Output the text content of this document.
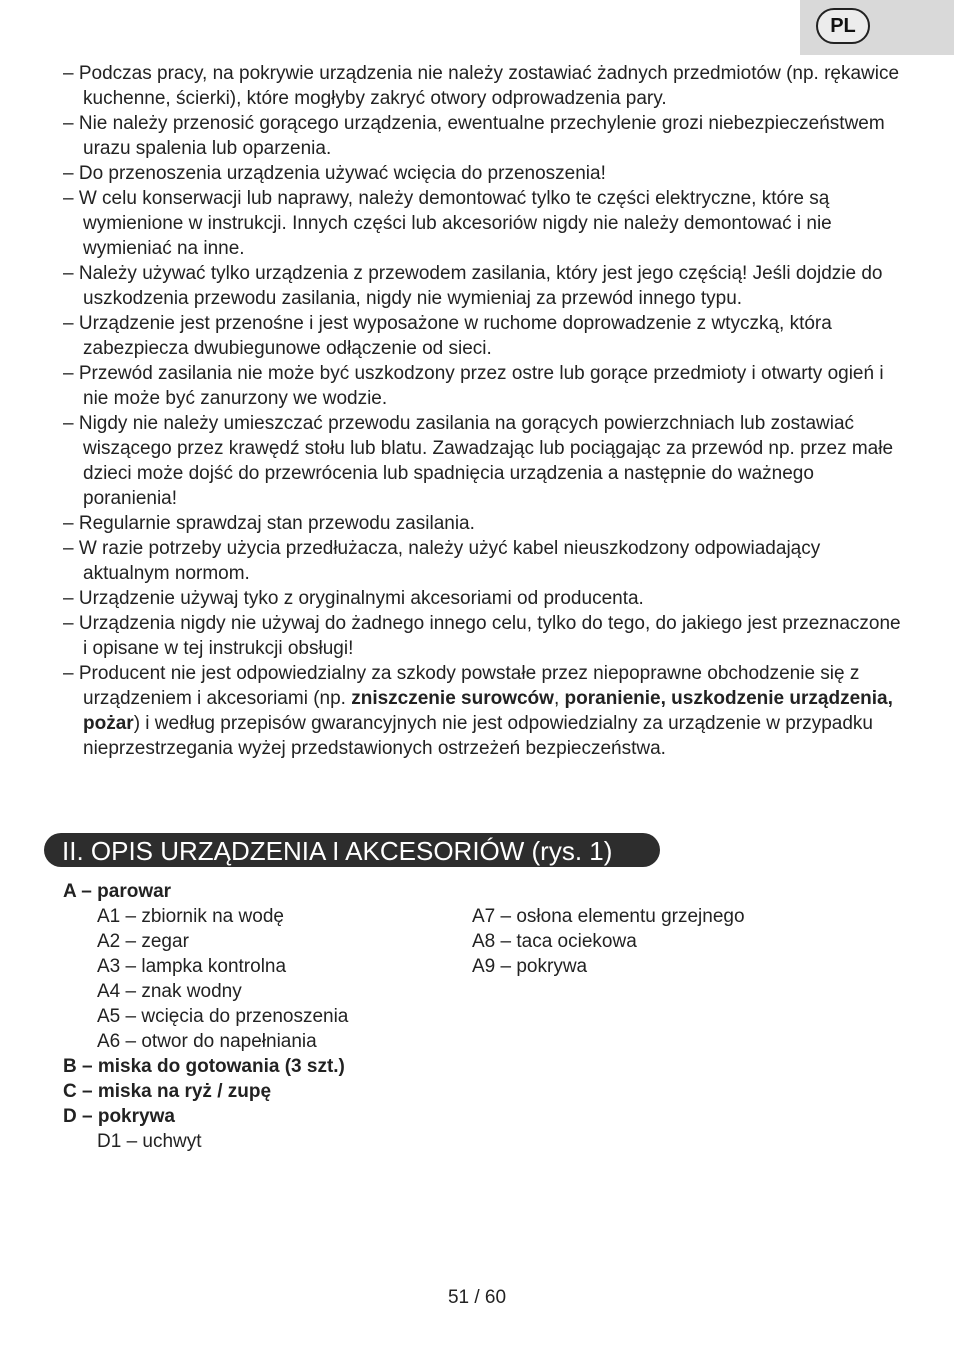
PL
– Podczas pracy, na pokrywie urządzenia nie należy zostawiać żadnych przedmiotów (np. rękawice kuchenne, ścierki), które mogłyby zakryć otwory odprowadzenia pary.
– Nie należy przenosić gorącego urządzenia, ewentualne przechylenie grozi niebezpieczeństwem urazu spalenia lub oparzenia.
– Do przenoszenia urządzenia używać wcięcia do przenoszenia!
– W celu konserwacji lub naprawy, należy demontować tylko te części elektryczne, które są wymienione w instrukcji. Innych części lub akcesoriów nigdy nie należy demontować i nie wymieniać na inne.
– Należy używać tylko urządzenia z przewodem zasilania, który jest jego częścią! Jeśli dojdzie do uszkodzenia przewodu zasilania, nigdy nie wymieniaj za przewód innego typu.
– Urządzenie jest przenośne i jest wyposażone w ruchome doprowadzenie z wtyczką, która zabezpiecza dwubiegunowe odłączenie od sieci.
– Przewód zasilania nie może być uszkodzony przez ostre lub gorące przedmioty i otwarty ogień i nie może być zanurzony we wodzie.
– Nigdy nie należy umieszczać przewodu zasilania na gorących powierzchniach lub zostawiać wiszącego przez krawędź stołu lub blatu. Zawadzając lub pociągając za przewód np. przez małe dzieci może dojść do przewrócenia lub spadnięcia urządzenia a następnie do ważnego poranienia!
– Regularnie sprawdzaj stan przewodu zasilania.
– W razie potrzeby użycia przedłużacza, należy użyć kabel nieuszkodzony odpowiadający aktualnym normom.
– Urządzenie używaj tyko z oryginalnymi akcesoriami od producenta.
– Urządzenia nigdy nie używaj do żadnego innego celu, tylko do tego, do jakiego jest przeznaczone i opisane w tej instrukcji obsługi!
– Producent nie jest odpowiedzialny za szkody powstałe przez niepoprawne obchodzenie się z urządzeniem i akcesoriami (np. zniszczenie surowców, poranienie, uszkodzenie urządzenia, pożar) i według przepisów gwarancyjnych nie jest odpowiedzialny za urządzenie w przypadku nieprzestrzegania wyżej przedstawionych ostrzeżeń bezpieczeństwa.
II. OPIS URZĄDZENIA I AKCESORIÓW (rys. 1)
A – parowar
A1 – zbiornik na wodę
A2 – zegar
A3 – lampka kontrolna
A4 – znak wodny
A5 – wcięcia do przenoszenia
A6 – otwor do napełniania
A7 – osłona elementu grzejnego
A8 – taca ociekowa
A9 – pokrywa
B – miska do gotowania (3 szt.)
C – miska na ryż / zupę
D – pokrywa
D1 – uchwyt
51 / 60
